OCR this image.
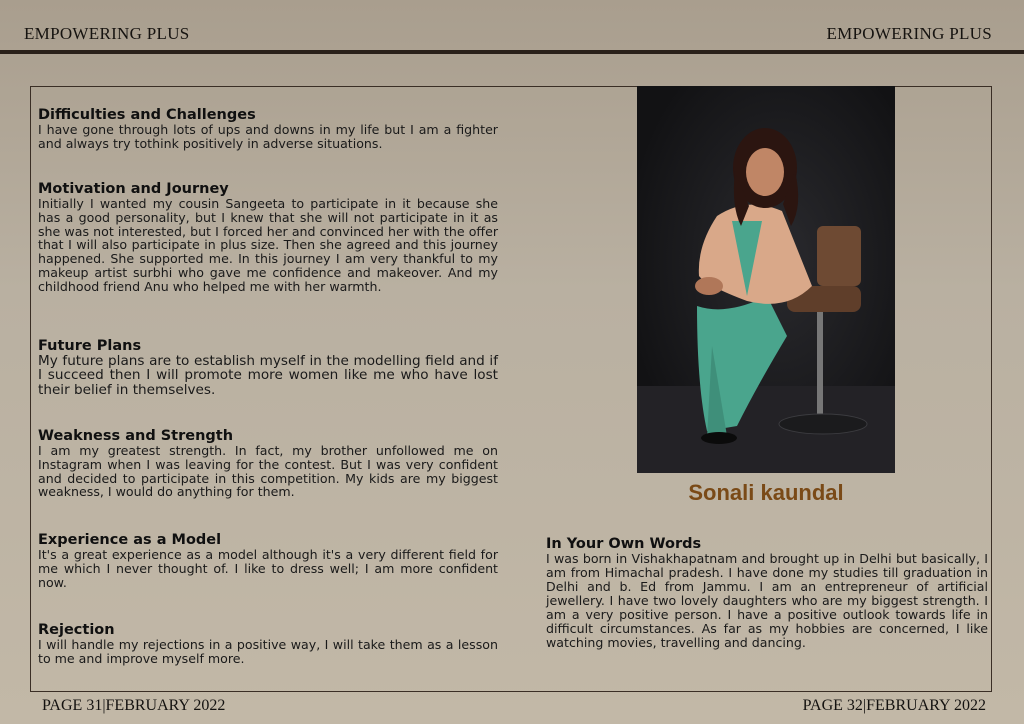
EMPOWERING PLUS	EMPOWERING PLUS
Difficulties and Challenges

I have gone through lots of ups and downs in my life but I am a fighter and always try tothink positively in adverse situations.

Motivation and Journey

Initially I wanted my cousin Sangeeta to participate in it because she has a good personality, but I knew that she will not participate in it as she was not interested, but I forced her and convinced her with the offer that I will also participate in plus size. Then she agreed and this journey happened. She supported me. In this journey I am very thankful to my makeup artist surbhi who gave me confidence and makeover. And my childhood friend Anu who helped me with her warmth.

Future Plans

My future plans are to establish myself in the modelling field and if I succeed then I will promote more women like me who have lost their belief in themselves.

Weakness and Strength

I am my greatest strength. In fact, my brother unfollowed me on Instagram when I was leaving for the contest. But I was very confident and decided to participate in this competition. My kids are my biggest weakness, I would do anything for them.

Experience as a Model

It's a great experience as a model although it's a very different field for me which I never thought of. I like to dress well; I am more confident now.

Rejection

I will handle my rejections in a positive way, I will take them as a lesson to me and improve myself more.

Sonali kaundal
In Your Own Words

I was born in Vishakhapatnam and brought up in Delhi but basically, I am from Himachal pradesh. I have done my studies till graduation in Delhi and b. Ed from Jammu. I am an entrepreneur of artificial jewellery. I have two lovely daughters who are my biggest strength. I am a very positive person. I have a positive outlook towards life in difficult circumstances. As far as my hobbies are concerned, I like watching movies, travelling and dancing.

PAGE 31|FEBRUARY 2022	PAGE 32|FEBRUARY 2022
